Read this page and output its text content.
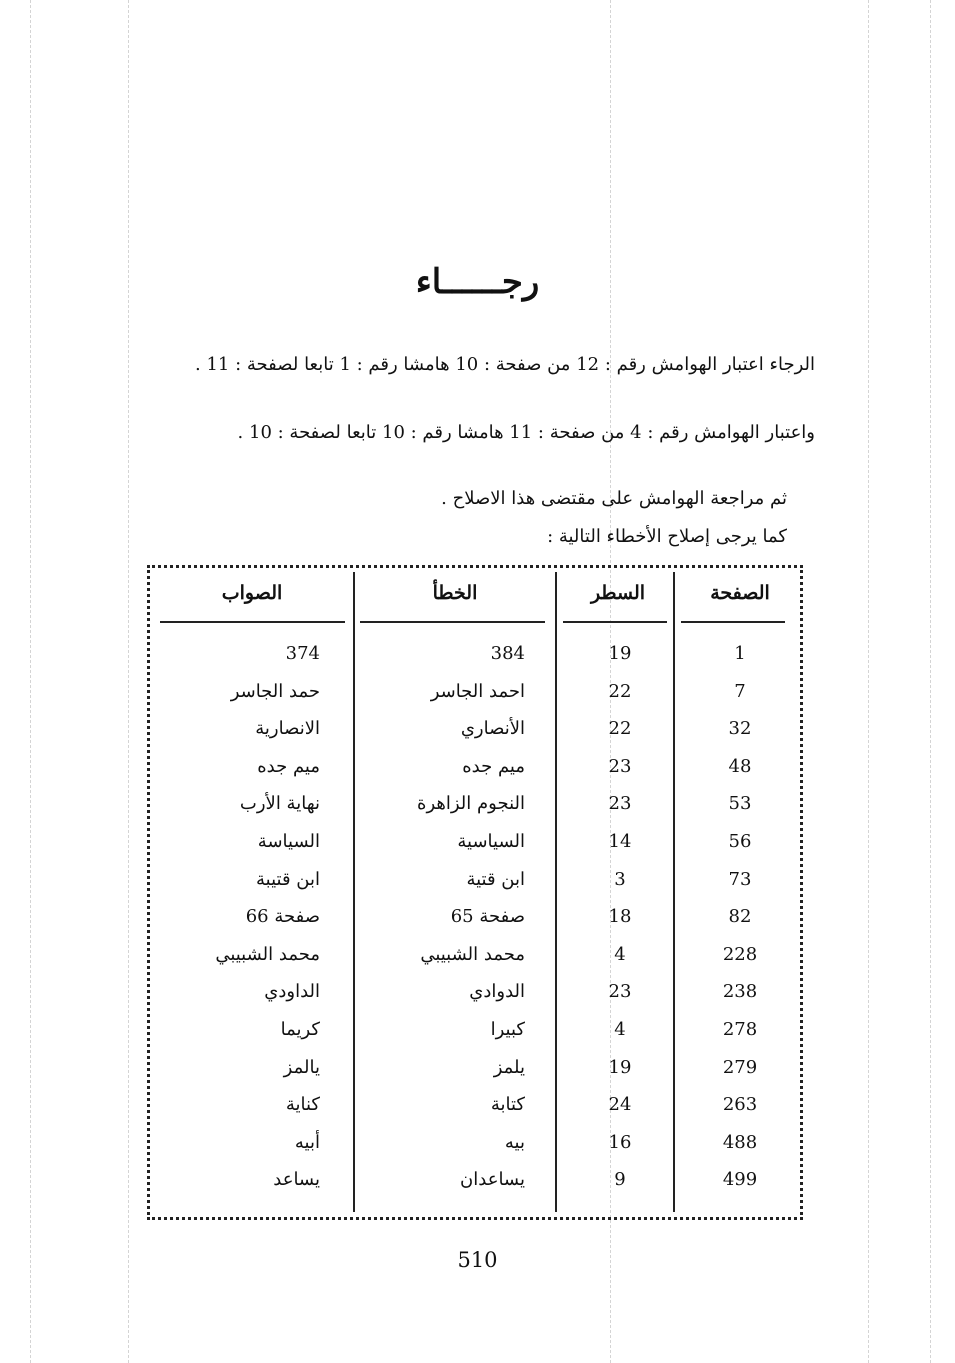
رجــــــاء
الرجاء اعتبار الهوامش رقم : 12 من صفحة : 10 هامشا رقم : 1 تابعا لصفحة : 11 .
واعتبار الهوامش رقم : 4 من صفحة : 11 هامشا رقم : 10 تابعا لصفحة : 10 .
ثم مراجعة الهوامش على مقتضى هذا الاصلاح .
كما يرجى إصلاح الأخطاء التالية :
الصفحة
السطر
الخطأ
الصواب
1
19
384
374
7
22
احمد الجاسر
حمد الجاسر
32
22
الأنصاري
الانصارية
48
23
ميم جده
ميم جده
53
23
النجوم الزاهرة
نهاية الأرب
56
14
السياسية
السياسة
73
3
ابن قتية
ابن قتيبة
82
18
صفحة 65
صفحة 66
228
4
محمد الشبيبي
محمد الشبيبي
238
23
الدوادي
الداودي
278
4
كبيرا
كريما
279
19
يلمز
يالمز
263
24
كتابة
كناية
488
16
بيه
أبيه
499
9
يساعدان
يساعد
510
